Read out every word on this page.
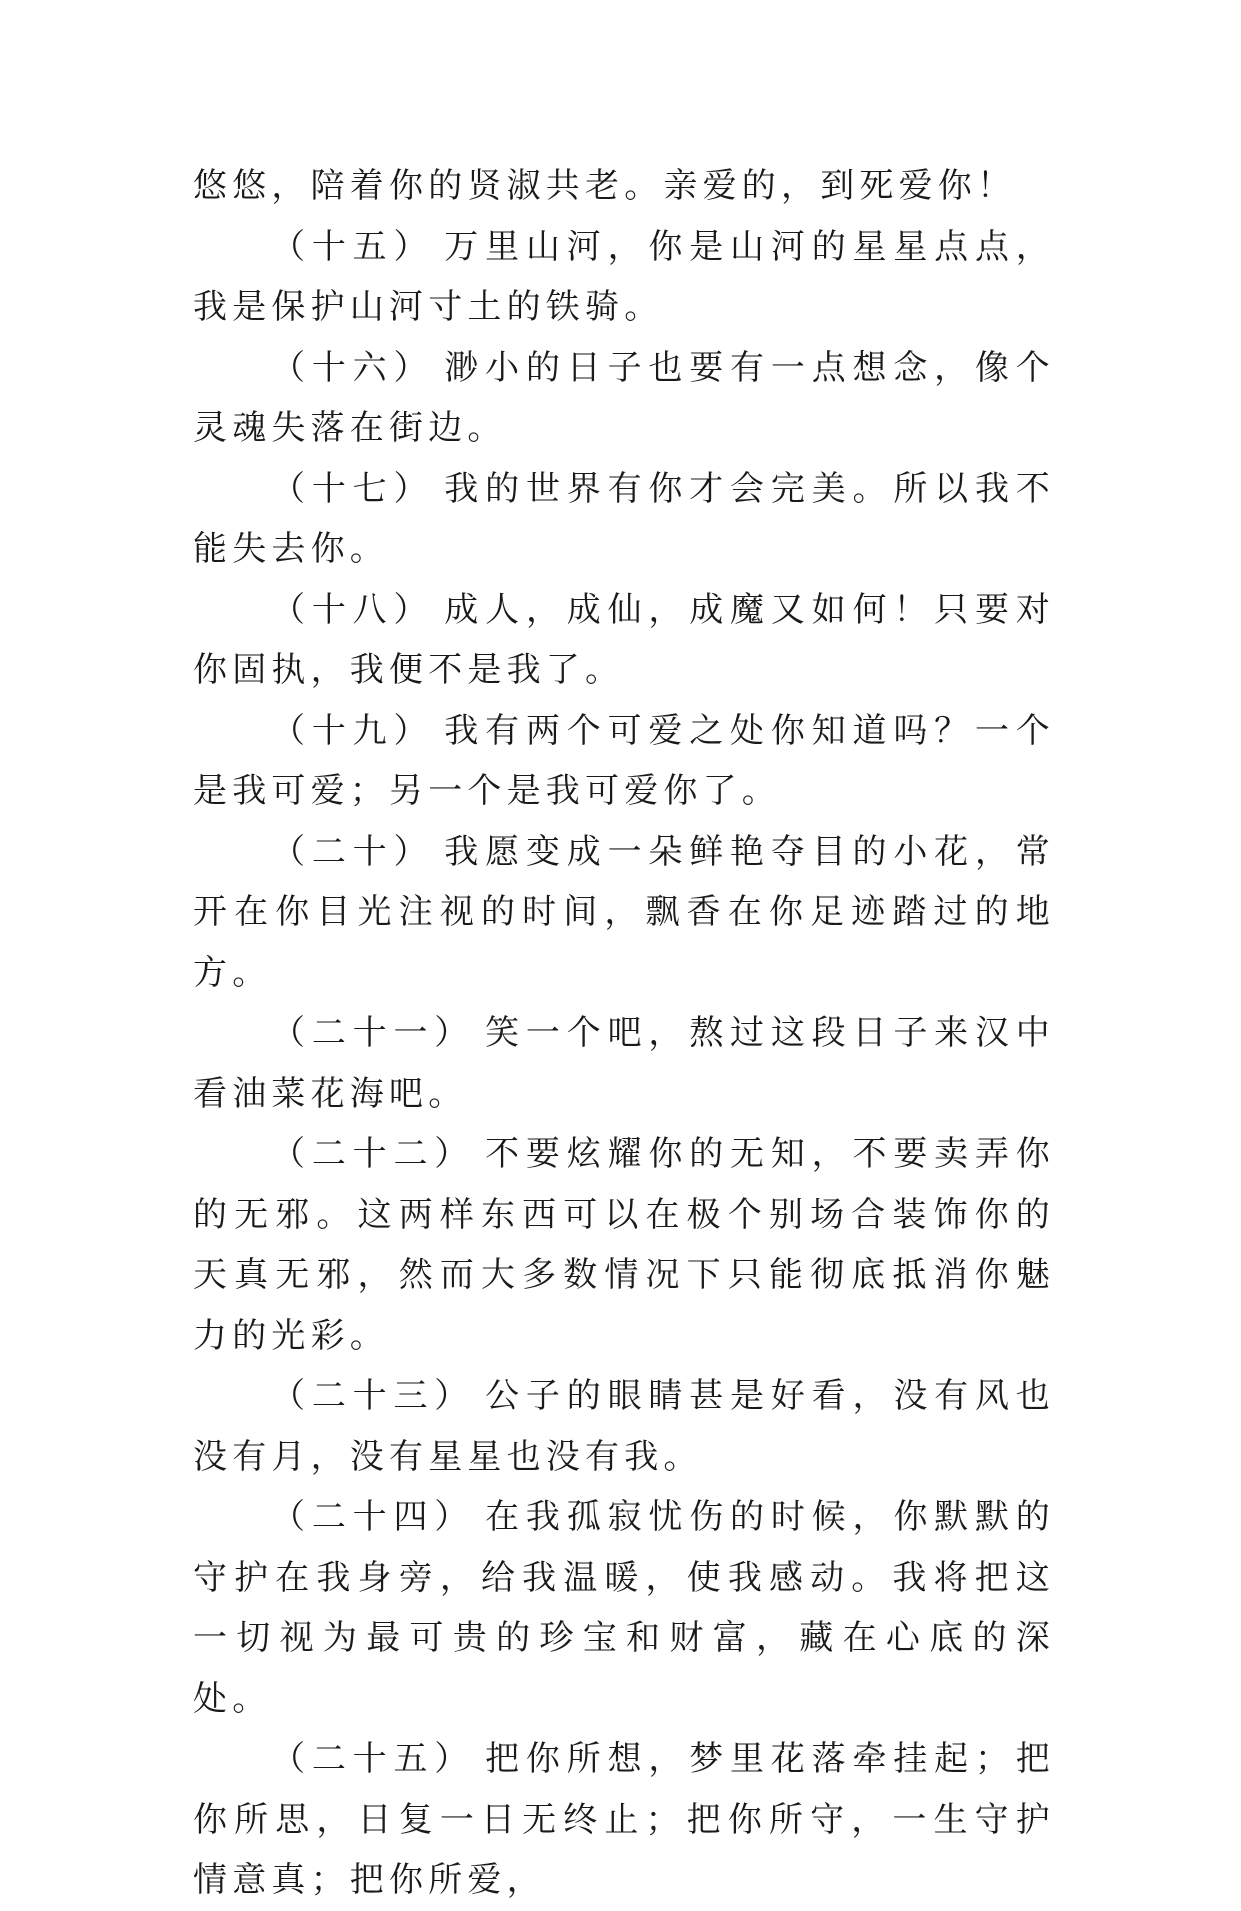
悠悠，陪着你的贤淑共老。亲爱的，到死爱你！

（十五） 万里山河，你是山河的星星点点，我是保护山河寸土的铁骑。

（十六） 渺小的日子也要有一点想念，像个灵魂失落在街边。

（十七） 我的世界有你才会完美。所以我不能失去你。

（十八） 成人，成仙，成魔又如何！只要对你固执，我便不是我了。

（十九） 我有两个可爱之处你知道吗？一个是我可爱；另一个是我可爱你了。

（二十） 我愿变成一朵鲜艳夺目的小花，常开在你目光注视的时间，飘香在你足迹踏过的地方。

（二十一） 笑一个吧，熬过这段日子来汉中看油菜花海吧。

（二十二） 不要炫耀你的无知，不要卖弄你的无邪。这两样东西可以在极个别场合装饰你的天真无邪，然而大多数情况下只能彻底抵消你魅力的光彩。

（二十三） 公子的眼睛甚是好看，没有风也没有月，没有星星也没有我。

（二十四） 在我孤寂忧伤的时候，你默默的守护在我身旁，给我温暖，使我感动。我将把这一切视为最可贵的珍宝和财富，藏在心底的深处。

（二十五） 把你所想，梦里花落牵挂起；把你所思，日复一日无终止；把你所守，一生守护情意真；把你所爱，
